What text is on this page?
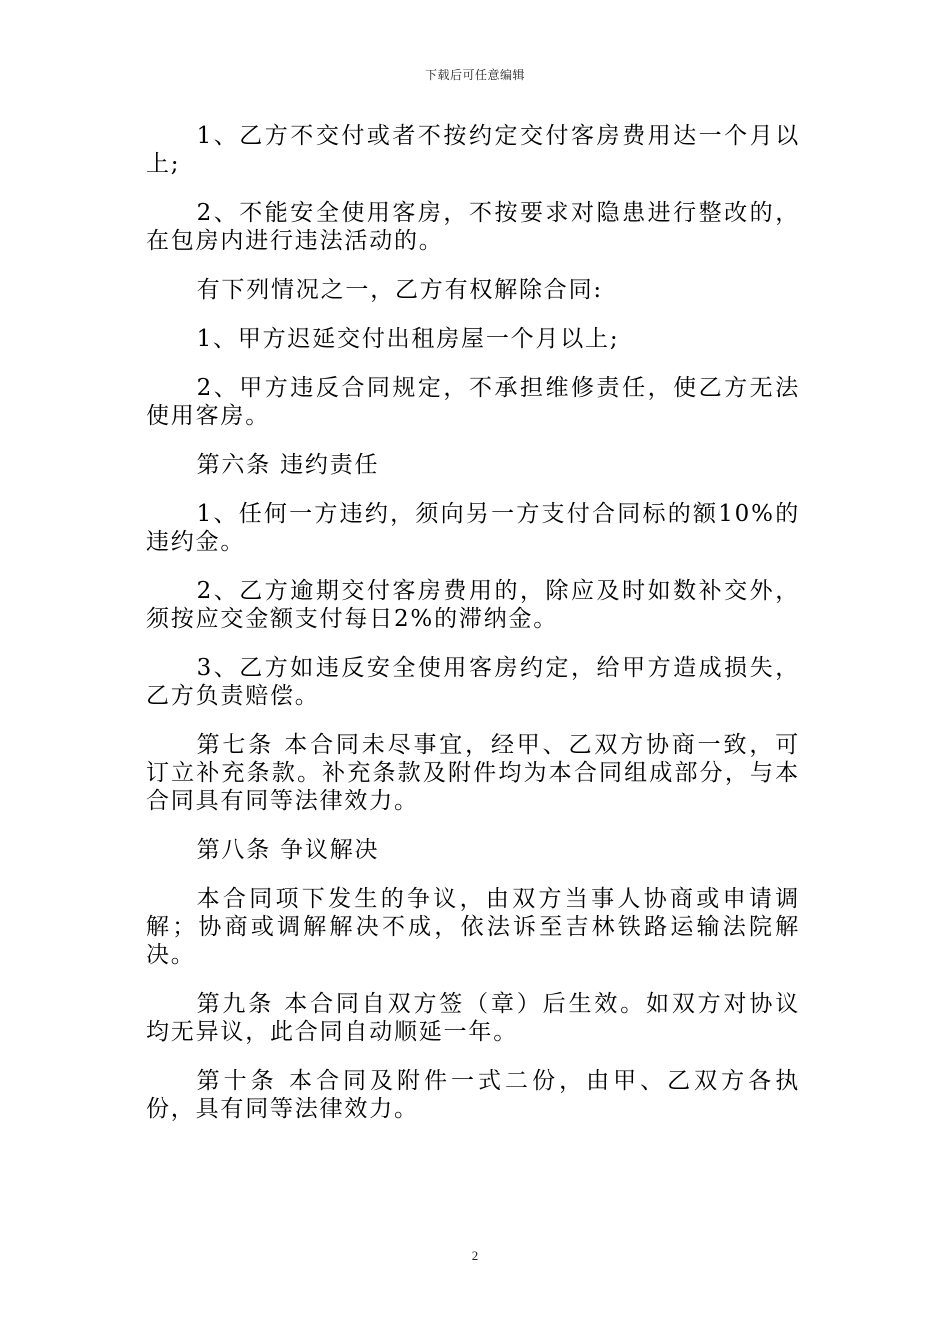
下载后可任意编辑

1、乙方不交付或者不按约定交付客房费用达一个月以上;

2、不能安全使用客房，不按要求对隐患进行整改的，在包房内进行违法活动的。

有下列情况之一，乙方有权解除合同:

1、甲方迟延交付出租房屋一个月以上;

2、甲方违反合同规定，不承担维修责任，使乙方无法使用客房。

第六条 违约责任

1、任何一方违约，须向另一方支付合同标的额10%的违约金。

2、乙方逾期交付客房费用的，除应及时如数补交外，须按应交金额支付每日2%的滞纳金。

3、乙方如违反安全使用客房约定，给甲方造成损失，乙方负责赔偿。

第七条 本合同未尽事宜，经甲、乙双方协商一致，可订立补充条款。补充条款及附件均为本合同组成部分，与本合同具有同等法律效力。

第八条 争议解决

本合同项下发生的争议，由双方当事人协商或申请调解；协商或调解解决不成，依法诉至吉林铁路运输法院解决。

第九条 本合同自双方签（章）后生效。如双方对协议均无异议，此合同自动顺延一年。

第十条 本合同及附件一式二份，由甲、乙双方各执份，具有同等法律效力。

2
